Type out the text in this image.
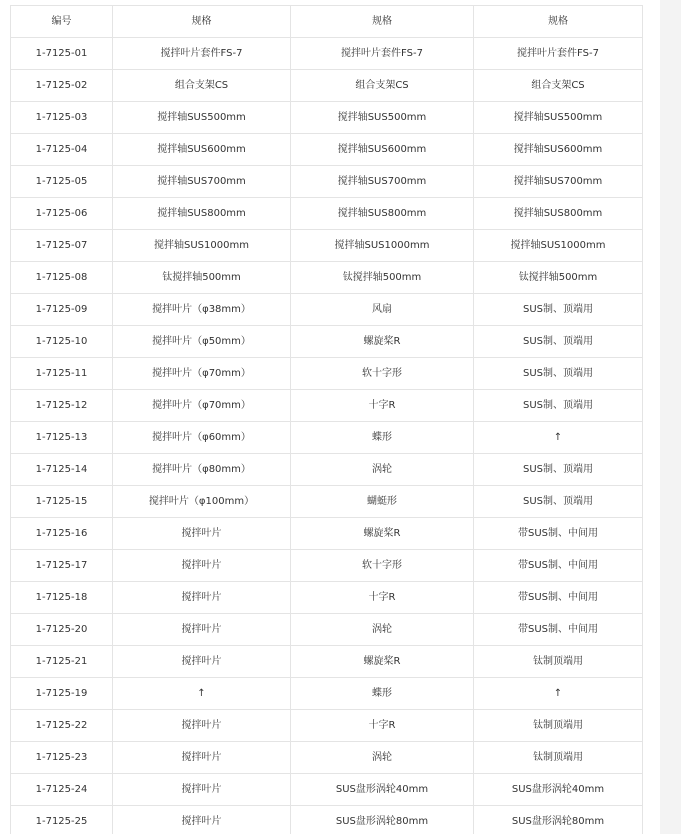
编号	规格	规格	规格
1-7125-01	搅拌叶片套件FS-7	搅拌叶片套件FS-7	搅拌叶片套件FS-7
1-7125-02	组合支架CS	组合支架CS	组合支架CS
1-7125-03	搅拌轴SUS500mm	搅拌轴SUS500mm	搅拌轴SUS500mm
1-7125-04	搅拌轴SUS600mm	搅拌轴SUS600mm	搅拌轴SUS600mm
1-7125-05	搅拌轴SUS700mm	搅拌轴SUS700mm	搅拌轴SUS700mm
1-7125-06	搅拌轴SUS800mm	搅拌轴SUS800mm	搅拌轴SUS800mm
1-7125-07	搅拌轴SUS1000mm	搅拌轴SUS1000mm	搅拌轴SUS1000mm
1-7125-08	钛搅拌轴500mm	钛搅拌轴500mm	钛搅拌轴500mm
1-7125-09	搅拌叶片（φ38mm）	风扇	SUS制、顶端用
1-7125-10	搅拌叶片（φ50mm）	螺旋桨R	SUS制、顶端用
1-7125-11	搅拌叶片（φ70mm）	软十字形	SUS制、顶端用
1-7125-12	搅拌叶片（φ70mm）	十字R	SUS制、顶端用
1-7125-13	搅拌叶片（φ60mm）	蝶形	↑
1-7125-14	搅拌叶片（φ80mm）	涡轮	SUS制、顶端用
1-7125-15	搅拌叶片（φ100mm）	蝴蜓形	SUS制、顶端用
1-7125-16	搅拌叶片	螺旋桨R	带SUS制、中间用
1-7125-17	搅拌叶片	软十字形	带SUS制、中间用
1-7125-18	搅拌叶片	十字R	带SUS制、中间用
1-7125-20	搅拌叶片	涡轮	带SUS制、中间用
1-7125-21	搅拌叶片	螺旋桨R	钛制顶端用
1-7125-19	↑	蝶形	↑
1-7125-22	搅拌叶片	十字R	钛制顶端用
1-7125-23	搅拌叶片	涡轮	钛制顶端用
1-7125-24	搅拌叶片	SUS盘形涡轮40mm	SUS盘形涡轮40mm
1-7125-25	搅拌叶片	SUS盘形涡轮80mm	SUS盘形涡轮80mm
